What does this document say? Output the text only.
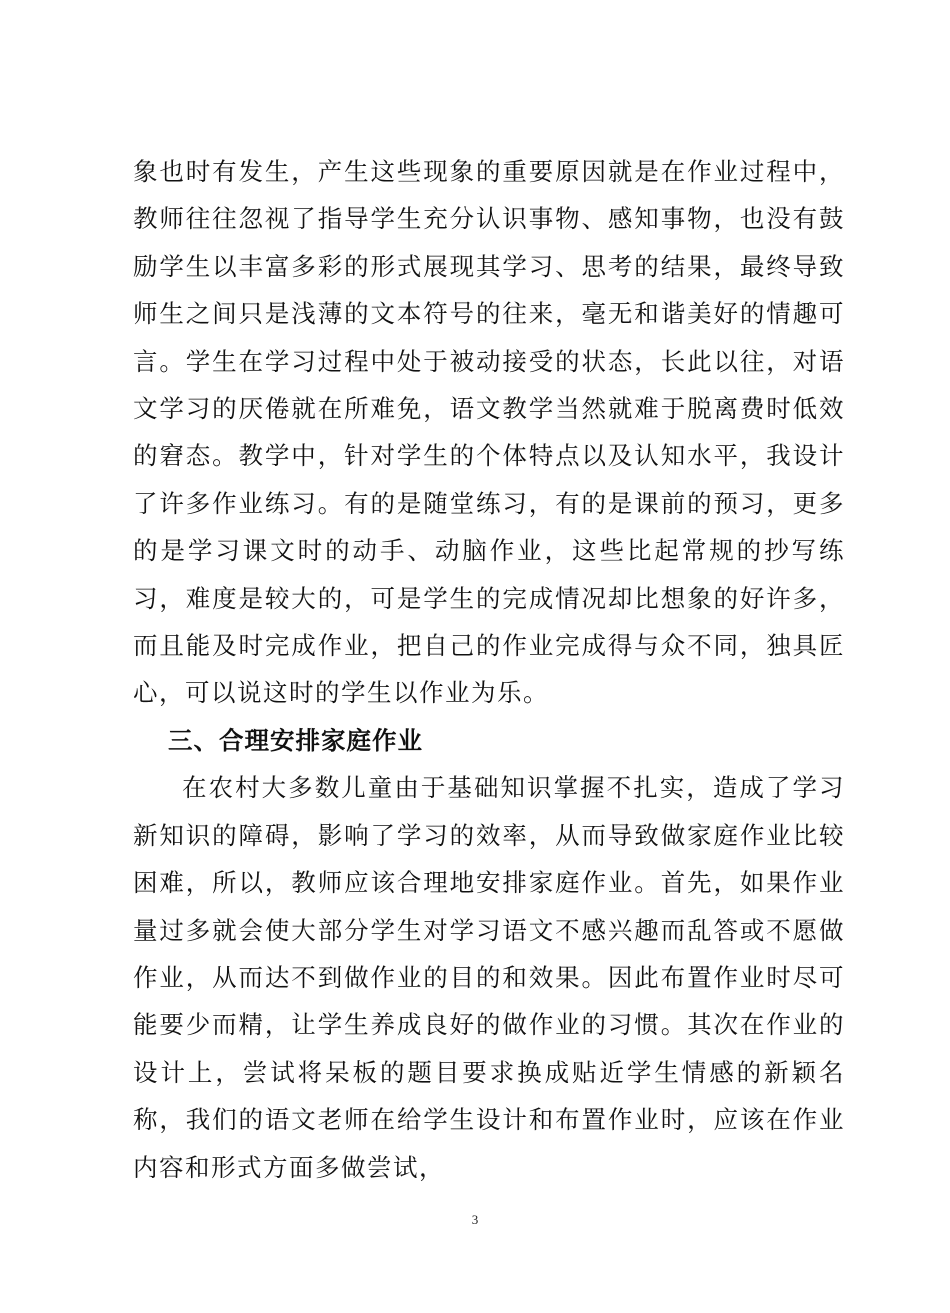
象也时有发生，产生这些现象的重要原因就是在作业过程中，教师往往忽视了指导学生充分认识事物、感知事物，也没有鼓励学生以丰富多彩的形式展现其学习、思考的结果，最终导致师生之间只是浅薄的文本符号的往来，毫无和谐美好的情趣可言。学生在学习过程中处于被动接受的状态，长此以往，对语文学习的厌倦就在所难免，语文教学当然就难于脱离费时低效的窘态。教学中，针对学生的个体特点以及认知水平，我设计了许多作业练习。有的是随堂练习，有的是课前的预习，更多的是学习课文时的动手、动脑作业，这些比起常规的抄写练习，难度是较大的，可是学生的完成情况却比想象的好许多，而且能及时完成作业，把自己的作业完成得与众不同，独具匠心，可以说这时的学生以作业为乐。

三、合理安排家庭作业

在农村大多数儿童由于基础知识掌握不扎实，造成了学习新知识的障碍，影响了学习的效率，从而导致做家庭作业比较困难，所以，教师应该合理地安排家庭作业。首先，如果作业量过多就会使大部分学生对学习语文不感兴趣而乱答或不愿做作业，从而达不到做作业的目的和效果。因此布置作业时尽可能要少而精，让学生养成良好的做作业的习惯。其次在作业的设计上，尝试将呆板的题目要求换成贴近学生情感的新颖名称，我们的语文老师在给学生设计和布置作业时，应该在作业内容和形式方面多做尝试，

3
